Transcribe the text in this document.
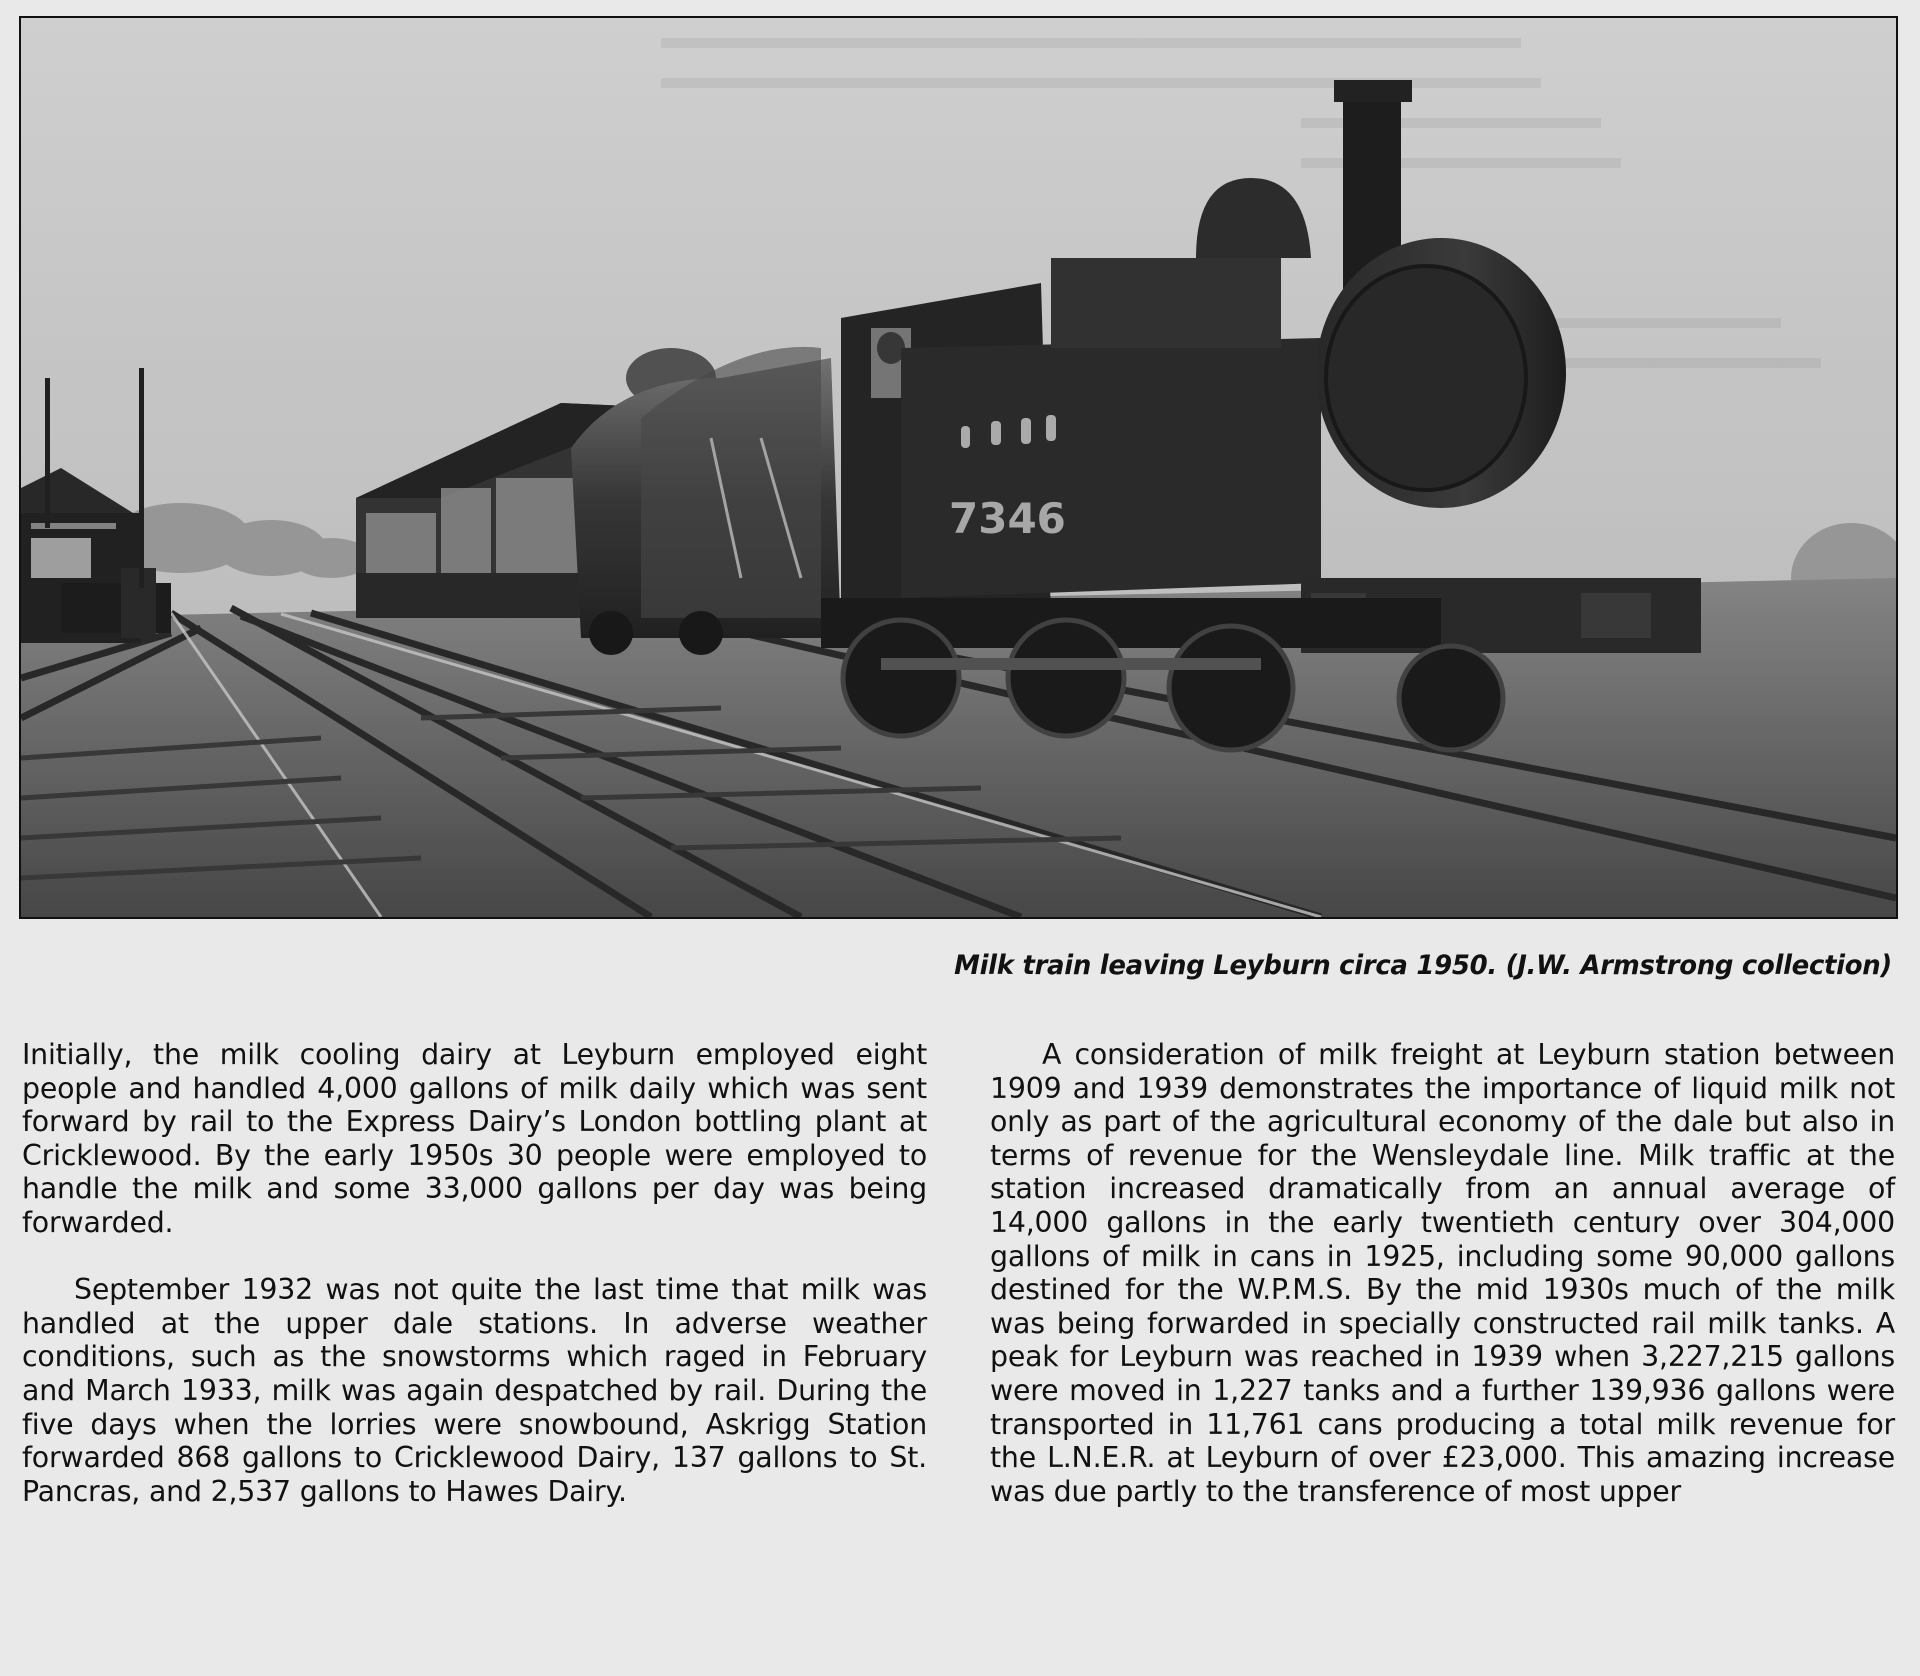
7346
Milk train leaving Leyburn circa 1950. (J.W. Armstrong collection)

Initially, the milk cooling dairy at Leyburn employed eight people and handled 4,000 gallons of milk daily which was sent forward by rail to the Express Dairy’s London bottling plant at Cricklewood. By the early 1950s 30 people were employed to handle the milk and some 33,000 gallons per day was being forwarded.

September 1932 was not quite the last time that milk was handled at the upper dale stations. In adverse weather conditions, such as the snowstorms which raged in February and March 1933, milk was again despatched by rail. During the five days when the lorries were snowbound, Askrigg Station forwarded 868 gallons to Cricklewood Dairy, 137 gallons to St. Pancras, and 2,537 gallons to Hawes Dairy.

A consideration of milk freight at Leyburn station between 1909 and 1939 demonstrates the importance of liquid milk not only as part of the agricultural economy of the dale but also in terms of revenue for the Wensleydale line. Milk traffic at the station increased dramatically from an annual average of 14,000 gallons in the early twentieth century over 304,000 gallons of milk in cans in 1925, including some 90,000 gallons destined for the W.P.M.S. By the mid 1930s much of the milk was being forwarded in specially constructed rail milk tanks. A peak for Leyburn was reached in 1939 when 3,227,215 gallons were moved in 1,227 tanks and a further 139,936 gallons were transported in 11,761 cans producing a total milk revenue for the L.N.E.R. at Leyburn of over £23,000. This amazing increase was due partly to the transference of most upper
